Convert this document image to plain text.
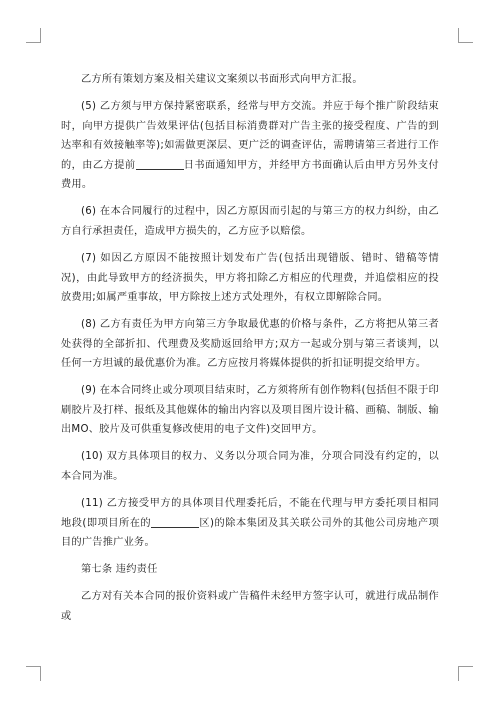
乙方所有策划方案及相关建议文案须以书面形式向甲方汇报。

(5) 乙方须与甲方保持紧密联系，经常与甲方交流。并应于每个推广阶段结束时，向甲方提供广告效果评估(包括目标消费群对广告主张的接受程度、广告的到达率和有效接触率等);如需做更深层、更广泛的调查评估，需聘请第三者进行工作的，由乙方提前	日书面通知甲方，并经甲方书面确认后由甲方另外支付费用。

(6) 在本合同履行的过程中，因乙方原因而引起的与第三方的权力纠纷，由乙方自行承担责任，造成甲方损失的，乙方应予以赔偿。

(7) 如因乙方原因不能按照计划发布广告(包括出现错版、错时、错稿等情况)，由此导致甲方的经济损失，甲方将扣除乙方相应的代理费，并追偿相应的投放费用;如属严重事故，甲方除按上述方式处理外，有权立即解除合同。

(8) 乙方有责任为甲方向第三方争取最优惠的价格与条件，乙方将把从第三者处获得的全部折扣、代理费及奖励返回给甲方;双方一起或分别与第三者谈判，以任何一方坦诚的最优惠价为准。乙方应按月将媒体提供的折扣证明提交给甲方。

(9) 在本合同终止或分项项目结束时，乙方须将所有创作物料(包括但不限于印刷胶片及打样、报纸及其他媒体的输出内容以及项目图片设计稿、画稿、制版、输出MO、胶片及可供重复修改使用的电子文件)交回甲方。

(10) 双方具体项目的权力、义务以分项合同为准，分项合同没有约定的，以本合同为准。

(11) 乙方接受甲方的具体项目代理委托后，不能在代理与甲方委托项目相同地段(即项目所在的	区)的除本集团及其关联公司外的其他公司房地产项目的广告推广业务。

第七条 违约责任

乙方对有关本合同的报价资料或广告稿件未经甲方签字认可，就进行成品制作或
